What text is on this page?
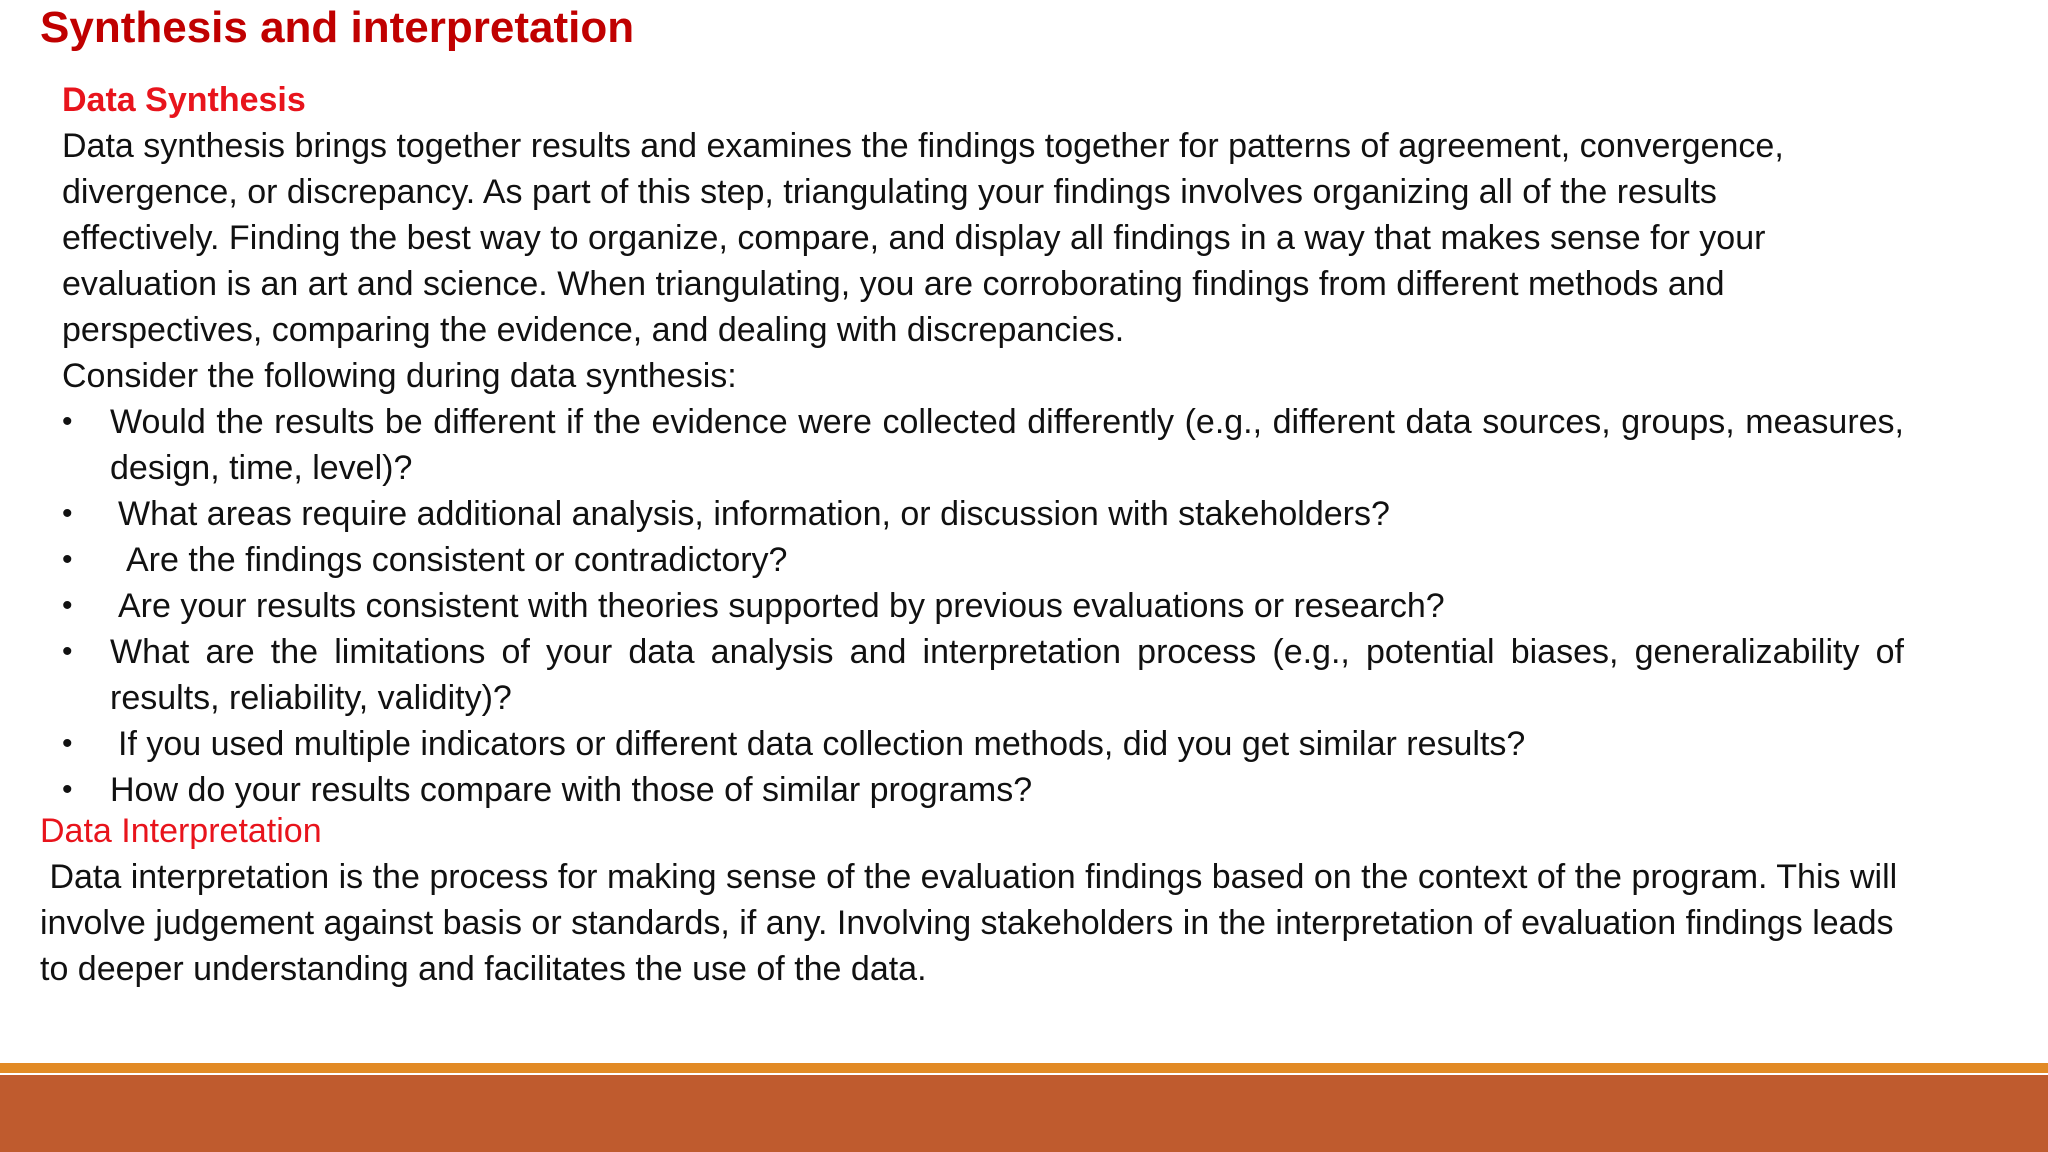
Synthesis and interpretation
Data Synthesis

Data synthesis brings together results and examines the findings together for patterns of agreement, convergence,
divergence, or discrepancy. As part of this step, triangulating your findings involves organizing all of the results
effectively. Finding the best way to organize, compare, and display all findings in a way that makes sense for your
evaluation is an art and science. When triangulating, you are corroborating findings from different methods and
perspectives, comparing the evidence, and dealing with discrepancies.
Consider the following during data synthesis:

• Would the results be different if the evidence were collected differently (e.g., different data sources, groups, measures, design, time, level)?
• What areas require additional analysis, information, or discussion with stakeholders?
• Are the findings consistent or contradictory?
• Are your results consistent with theories supported by previous evaluations or research?
• What are the limitations of your data analysis and interpretation process (e.g., potential biases, generalizability of results, reliability, validity)?
• If you used multiple indicators or different data collection methods, did you get similar results?
• How do your results compare with those of similar programs?
Data Interpretation

Data interpretation is the process for making sense of the evaluation findings based on the context of the program. This will
involve judgement against basis or standards, if any. Involving stakeholders in the interpretation of evaluation findings leads
to deeper understanding and facilitates the use of the data.
